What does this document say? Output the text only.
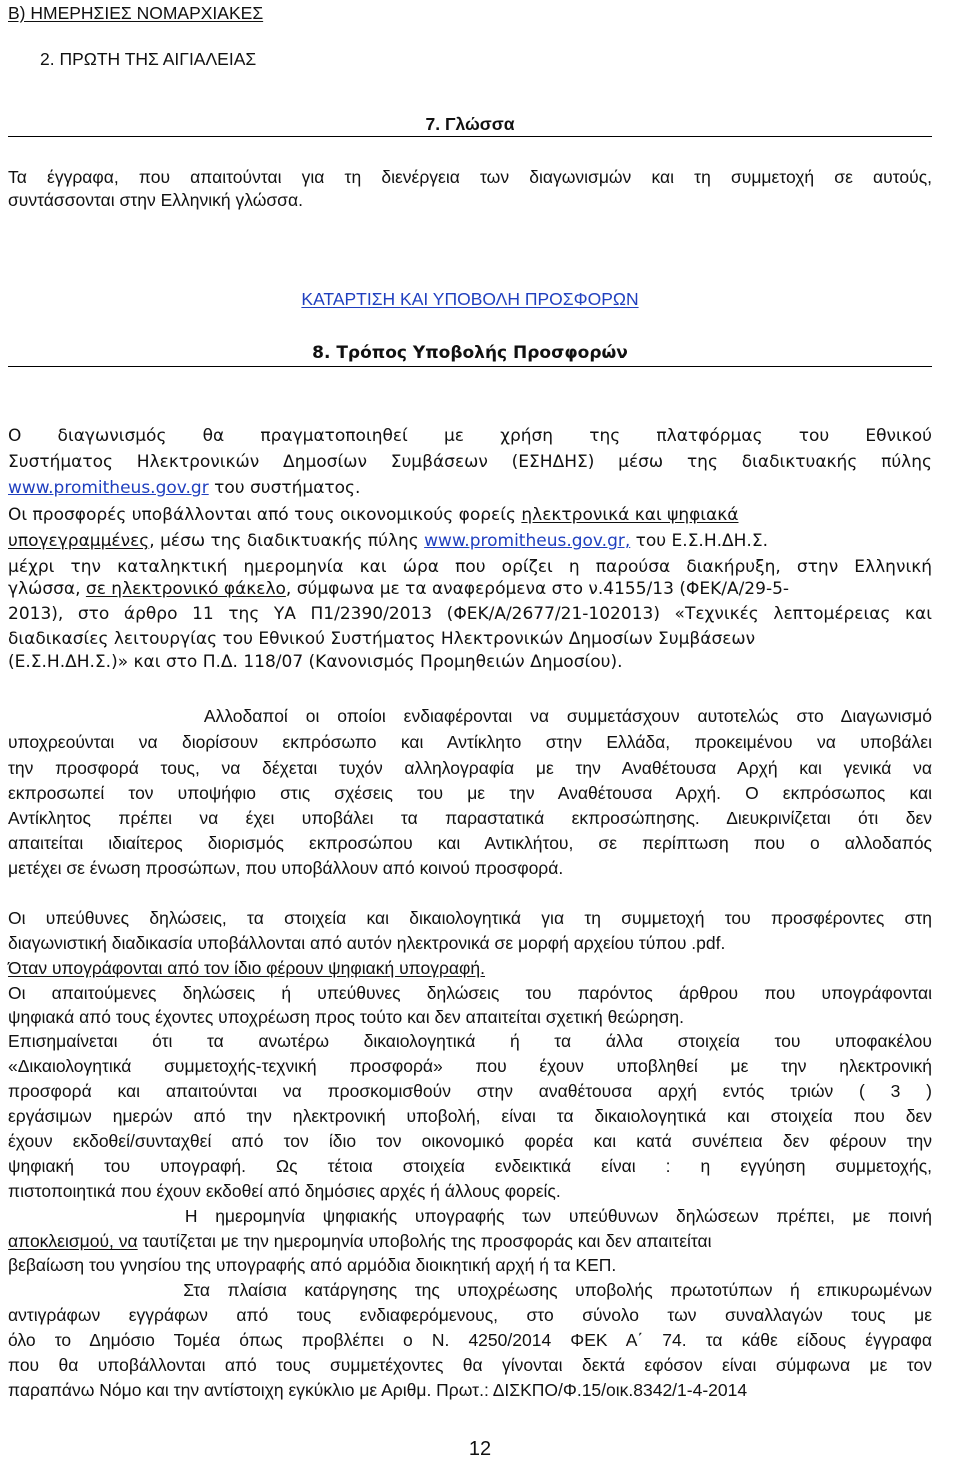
Β) ΗΜΕΡΗΣΙΕΣ ΝΟΜΑΡΧΙΑΚΕΣ
2. ΠΡΩΤΗ ΤΗΣ ΑΙΓΙΑΛΕΙΑΣ
7. Γλώσσα
Τα έγγραφα, που απαιτούνται για τη διενέργεια των διαγωνισμών και τη συμμετοχή σε αυτούς,
συντάσσονται στην Ελληνική γλώσσα.
ΚΑΤΑΡΤΙΣΗ ΚΑΙ ΥΠΟΒΟΛΗ ΠΡΟΣΦΟΡΩΝ
8. Τρόπος Υποβολής Προσφορών
Ο διαγωνισμός θα πραγματοποιηθεί με χρήση της πλατφόρμας του Εθνικού
Συστήματος Ηλεκτρονικών Δημοσίων Συμβάσεων (ΕΣΗΔΗΣ) μέσω της διαδικτυακής πύλης
www.promitheus.gov.gr του συστήματος.
Οι προσφορές υποβάλλονται από τους οικονομικούς φορείς ηλεκτρονικά και ψηφιακά
υπογεγραμμένες, μέσω της διαδικτυακής πύλης www.promitheus.gov.gr, του Ε.Σ.Η.ΔΗ.Σ.
μέχρι την καταληκτική ημερομηνία και ώρα που ορίζει η παρούσα διακήρυξη, στην Ελληνική
γλώσσα, σε ηλεκτρονικό φάκελο, σύμφωνα με τα αναφερόμενα στο ν.4155/13 (ΦΕΚ/Α/29-5-
2013), στο άρθρο 11 της ΥΑ Π1/2390/2013 (ΦΕΚ/Α/2677/21-102013) «Τεχνικές λεπτομέρειας και
διαδικασίες λειτουργίας του Εθνικού Συστήματος Ηλεκτρονικών Δημοσίων Συμβάσεων
(Ε.Σ.Η.ΔΗ.Σ.)» και στο Π.Δ. 118/07 (Κανονισμός Προμηθειών Δημοσίου).
Αλλοδαποί οι οποίοι ενδιαφέρονται να συμμετάσχουν αυτοτελώς στο Διαγωνισμό
υποχρεούνται να διορίσουν εκπρόσωπο και Αντίκλητο στην Ελλάδα, προκειμένου να υποβάλει
την προσφορά τους, να δέχεται τυχόν αλληλογραφία με την Αναθέτουσα Αρχή και γενικά να
εκπροσωπεί τον υποψήφιο στις σχέσεις του με την Αναθέτουσα Αρχή. Ο εκπρόσωπος και
Αντίκλητος πρέπει να έχει υποβάλει τα παραστατικά εκπροσώπησης. Διευκρινίζεται ότι δεν
απαιτείται ιδιαίτερος διορισμός εκπροσώπου και Αντικλήτου, σε περίπτωση που ο αλλοδαπός
μετέχει σε ένωση προσώπων, που υποβάλλουν από κοινού προσφορά.
Οι υπεύθυνες δηλώσεις, τα στοιχεία και δικαιολογητικά για τη συμμετοχή του προσφέροντες στη
διαγωνιστική διαδικασία υποβάλλονται από αυτόν ηλεκτρονικά σε μορφή αρχείου τύπου .pdf.
Όταν υπογράφονται από τον ίδιο φέρουν ψηφιακή υπογραφή.
Οι απαιτούμενες δηλώσεις ή υπεύθυνες δηλώσεις του παρόντος άρθρου που υπογράφονται
ψηφιακά από τους έχοντες υποχρέωση προς τούτο και δεν απαιτείται σχετική θεώρηση.
Επισημαίνεται ότι τα ανωτέρω δικαιολογητικά ή τα άλλα στοιχεία του υποφακέλου
«Δικαιολογητικά συμμετοχής-τεχνική προσφορά» που έχουν υποβληθεί με την ηλεκτρονική
προσφορά και απαιτούνται να προσκομισθούν στην αναθέτουσα αρχή εντός τριών ( 3 )
εργάσιμων ημερών από την ηλεκτρονική υποβολή, είναι τα δικαιολογητικά και στοιχεία που δεν
έχουν εκδοθεί/συνταχθεί από τον ίδιο τον οικονομικό φορέα και κατά συνέπεια δεν φέρουν την
ψηφιακή του υπογραφή. Ως τέτοια στοιχεία ενδεικτικά είναι : η εγγύηση συμμετοχής,
πιστοποιητικά που έχουν εκδοθεί από δημόσιες αρχές ή άλλους φορείς.
Η ημερομηνία ψηφιακής υπογραφής των υπεύθυνων δηλώσεων πρέπει, με ποινή
αποκλεισμού, να ταυτίζεται με την ημερομηνία υποβολής της προσφοράς και δεν απαιτείται
βεβαίωση του γνησίου της υπογραφής από αρμόδια διοικητική αρχή ή τα ΚΕΠ.
Στα πλαίσια κατάργησης της υποχρέωσης υποβολής πρωτοτύπων ή επικυρωμένων
αντιγράφων εγγράφων από τους ενδιαφερόμενους, στο σύνολο των συναλλαγών τους με
όλο το Δημόσιο Τομέα όπως προβλέπει ο Ν. 4250/2014 ΦΕΚ Α΄ 74. τα κάθε είδους έγγραφα
που θα υποβάλλονται από τους συμμετέχοντες θα γίνονται δεκτά εφόσον είναι σύμφωνα με τον
παραπάνω Νόμο και την αντίστοιχη εγκύκλιο με Αριθμ. Πρωτ.: ΔΙΣΚΠΟ/Φ.15/οικ.8342/1-4-2014
12
